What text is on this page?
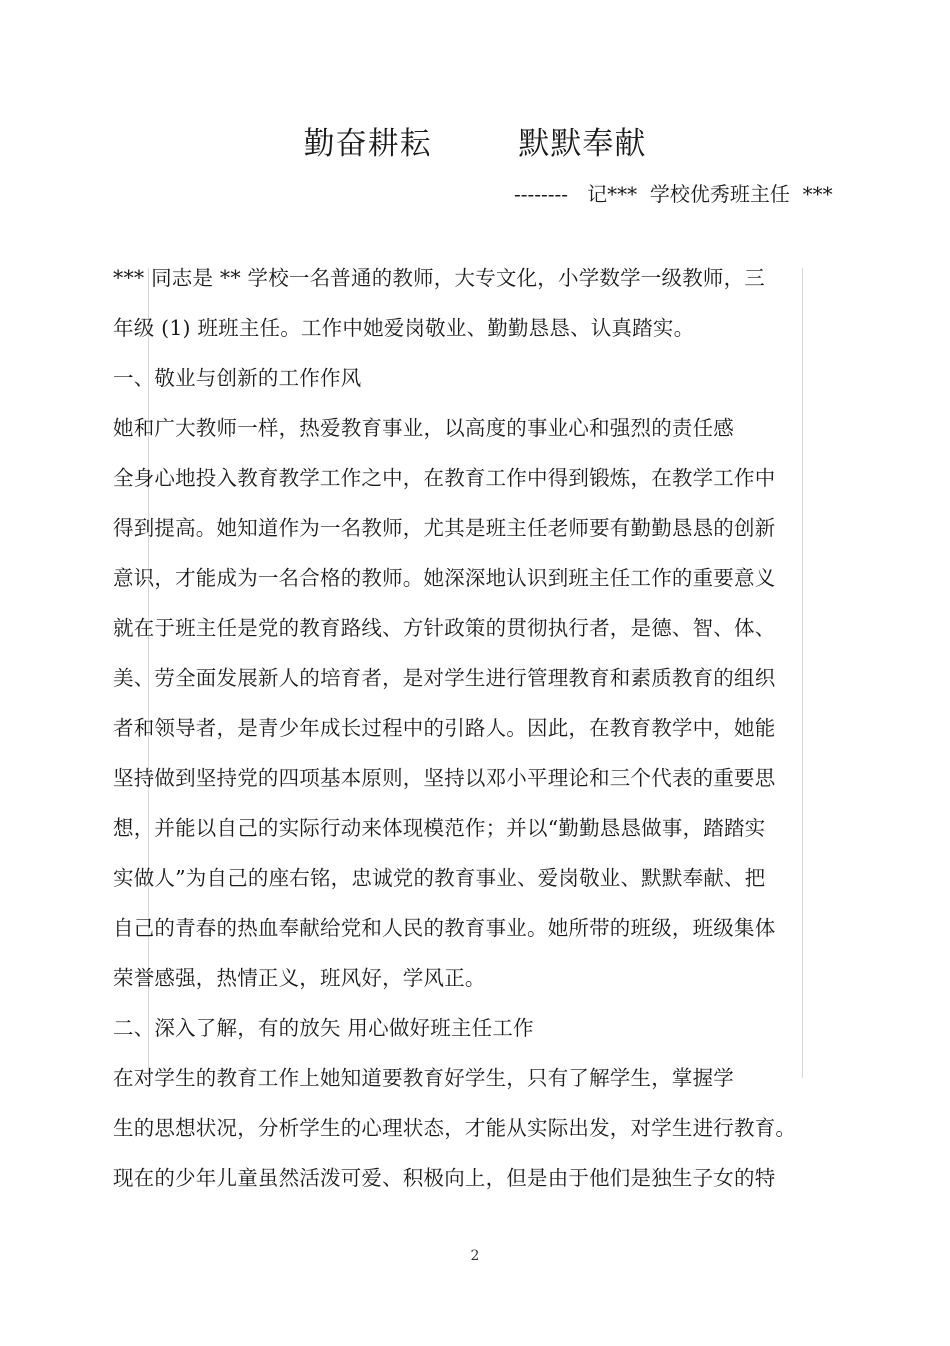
勤奋耕耘        默默奉献
--------   记***  学校优秀班主任  ***
*** 同志是 ** 学校一名普通的教师，大专文化，小学数学一级教师，三
年级 (1) 班班主任。工作中她爱岗敬业、勤勤恳恳、认真踏实。
一、敬业与创新的工作作风
她和广大教师一样，热爱教育事业，以高度的事业心和强烈的责任感
全身心地投入教育教学工作之中，在教育工作中得到锻炼，在教学工作中
得到提高。她知道作为一名教师，尤其是班主任老师要有勤勤恳恳的创新
意识，才能成为一名合格的教师。她深深地认识到班主任工作的重要意义
就在于班主任是党的教育路线、方针政策的贯彻执行者，是德、智、体、
美、劳全面发展新人的培育者，是对学生进行管理教育和素质教育的组织
者和领导者，是青少年成长过程中的引路人。因此，在教育教学中，她能
坚持做到坚持党的四项基本原则，坚持以邓小平理论和三个代表的重要思
想，并能以自己的实际行动来体现模范作；并以“勤勤恳恳做事，踏踏实
实做人”为自己的座右铭，忠诚党的教育事业、爱岗敬业、默默奉献、把
自己的青春的热血奉献给党和人民的教育事业。她所带的班级，班级集体
荣誉感强，热情正义，班风好，学风正。
二、深入了解，有的放矢 用心做好班主任工作
在对学生的教育工作上她知道要教育好学生，只有了解学生，掌握学
生的思想状况，分析学生的心理状态，才能从实际出发，对学生进行教育。
现在的少年儿童虽然活泼可爱、积极向上，但是由于他们是独生子女的特
2
